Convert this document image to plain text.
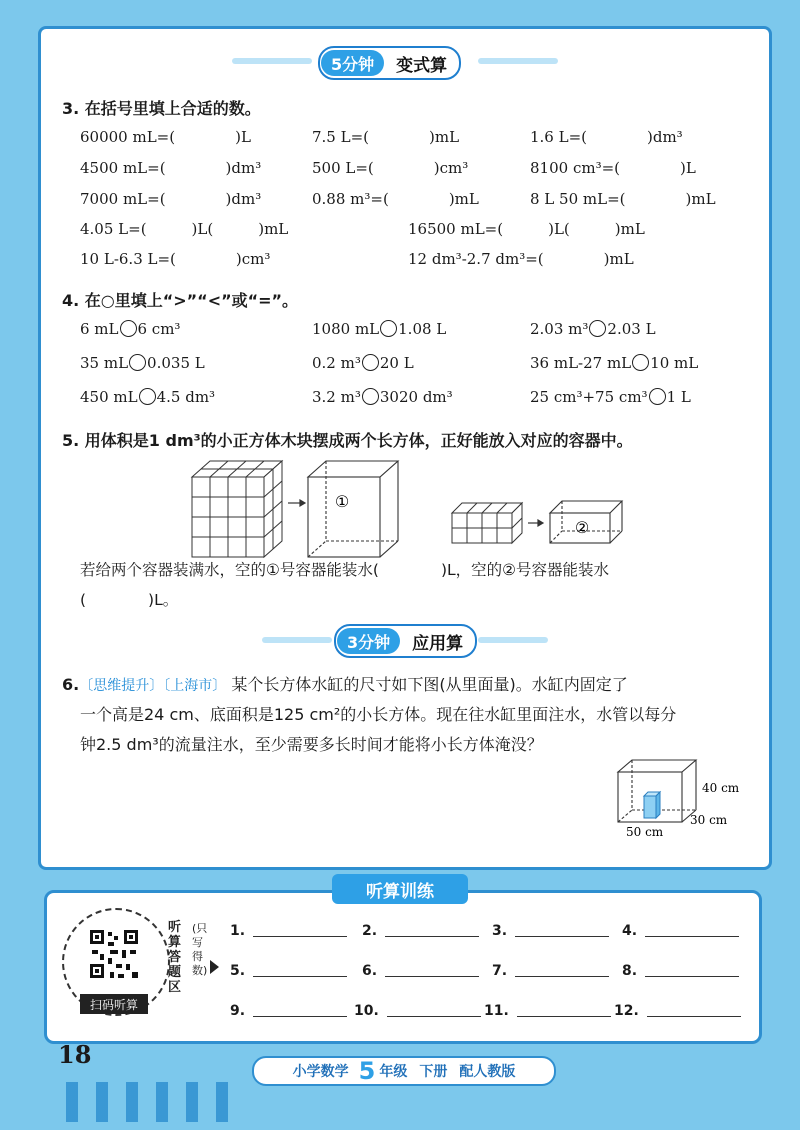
5分钟	变式算
3. 在括号里填上合适的数。
60000 mL=(　　　　)L	7.5 L=(　　　　)mL	1.6 L=(　　　　)dm³
4500 mL=(　　　　)dm³	500 L=(　　　　)cm³	8100 cm³=(　　　　)L
7000 mL=(　　　　)dm³	0.88 m³=(　　　　)mL	8 L 50 mL=(　　　　)mL
4.05 L=(　　　)L(　　　)mL	16500 mL=(　　　)L(　　　)mL
10 L-6.3 L=(　　　　)cm³	12 dm³-2.7 dm³=(　　　　)mL
4. 在○里填上“>”“<”或“=”。
6 mL 6 cm³	1080 mL 1.08 L	2.03 m³ 2.03 L
35 mL 0.035 L	0.2 m³ 20 L	36 mL-27 mL 10 mL
450 mL 4.5 dm³	3.2 m³ 3020 dm³	25 cm³+75 cm³ 1 L
5. 用体积是1 dm³的小正方体木块摆成两个长方体，正好能放入对应的容器中。
①
②
若给两个容器装满水，空的①号容器能装水(　　　　)L，空的②号容器能装水
(　　　　)L。
3分钟	应用算
6.〔思维提升〕〔上海市〕 某个长方体水缸的尺寸如下图(从里面量)。水缸内固定了
一个高是24 cm、底面积是125 cm²的小长方体。现在往水缸里面注水，水管以每分
钟2.5 dm³的流量注水，至少需要多长时间才能将小长方体淹没？
40 cm
30 cm
50 cm
听算训练
扫码听算
听算答题区
(只写得数)
1.	2.	3.	4.
5.	6.	7.	8.
9.	10.	11.	12.
18
小学数学 5 年级 下册 配人教版
